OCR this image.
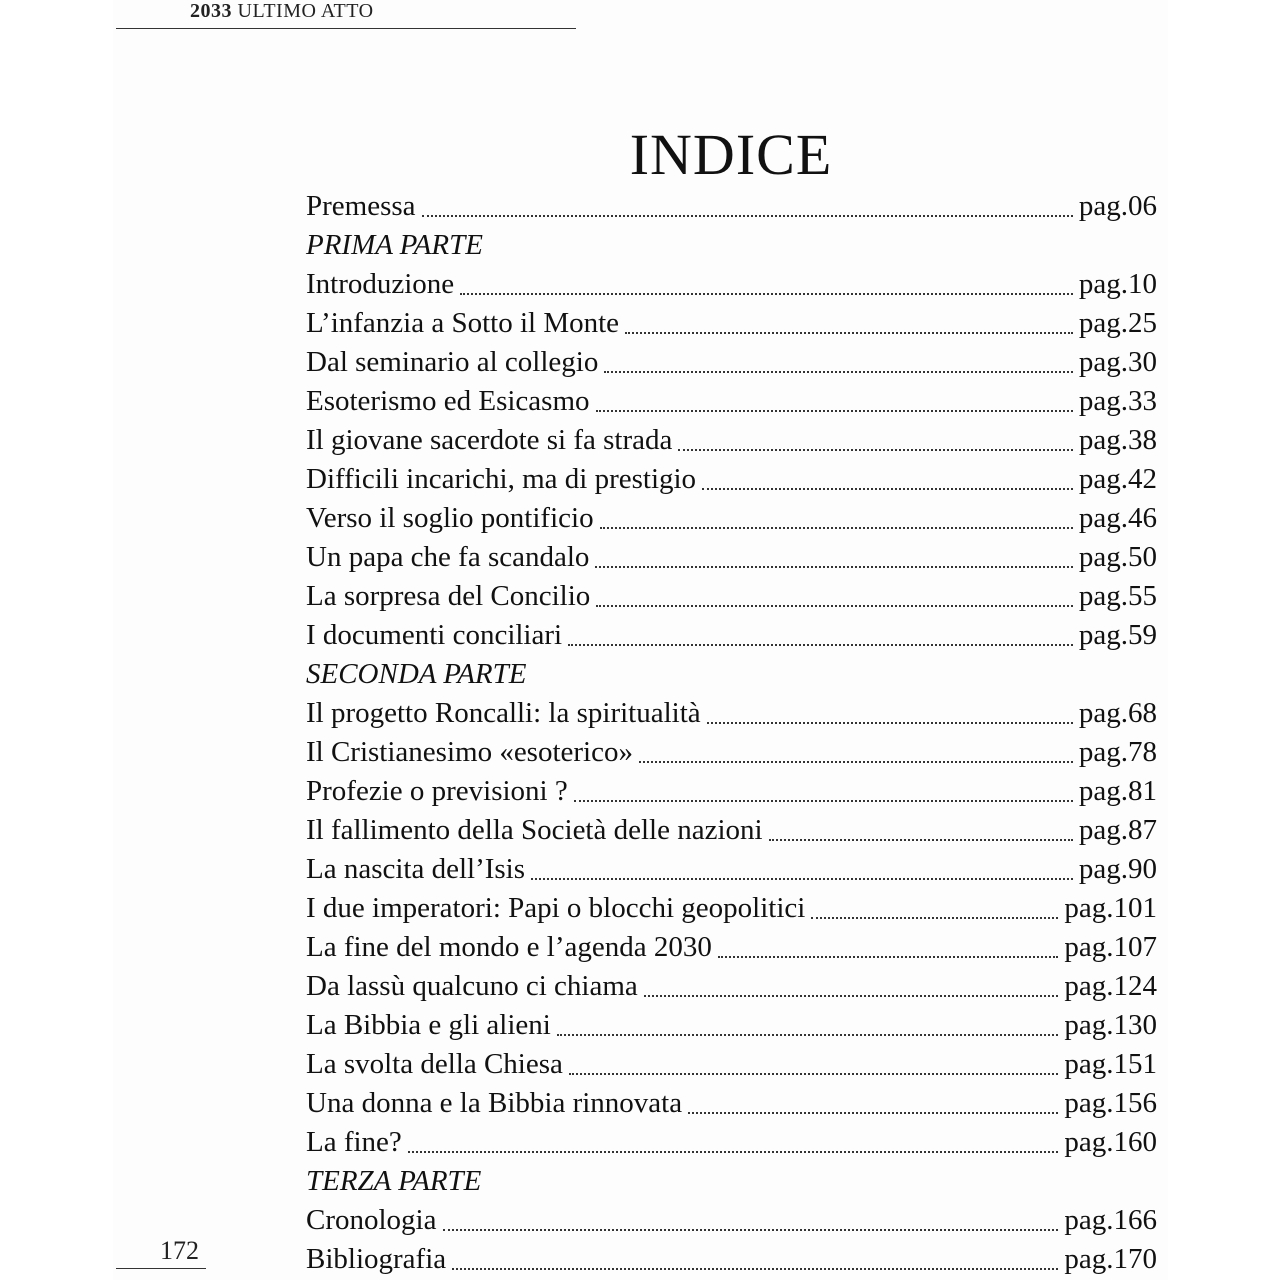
2033 ULTIMO ATTO
INDICE
Premessa	pag.06
PRIMA PARTE
Introduzione	pag.10
L’infanzia a Sotto il Monte	pag.25
Dal seminario al collegio	pag.30
Esoterismo ed Esicasmo	pag.33
Il giovane sacerdote si fa strada	pag.38
Difficili incarichi, ma di prestigio	pag.42
Verso il soglio pontificio	pag.46
Un papa che fa scandalo	pag.50
La sorpresa del Concilio	pag.55
I documenti conciliari	pag.59
SECONDA PARTE
Il progetto Roncalli: la spiritualità	pag.68
Il Cristianesimo «esoterico»	pag.78
Profezie o previsioni ?	pag.81
Il fallimento della Società delle nazioni	pag.87
La nascita dell’Isis	pag.90
I due imperatori: Papi o blocchi geopolitici	pag.101
La fine del mondo e l’agenda 2030	pag.107
Da lassù qualcuno ci chiama	pag.124
La Bibbia e gli alieni	pag.130
La svolta della Chiesa	pag.151
Una donna e la Bibbia rinnovata	pag.156
La fine?	pag.160
TERZA PARTE
Cronologia	pag.166
Bibliografia	pag.170
172
